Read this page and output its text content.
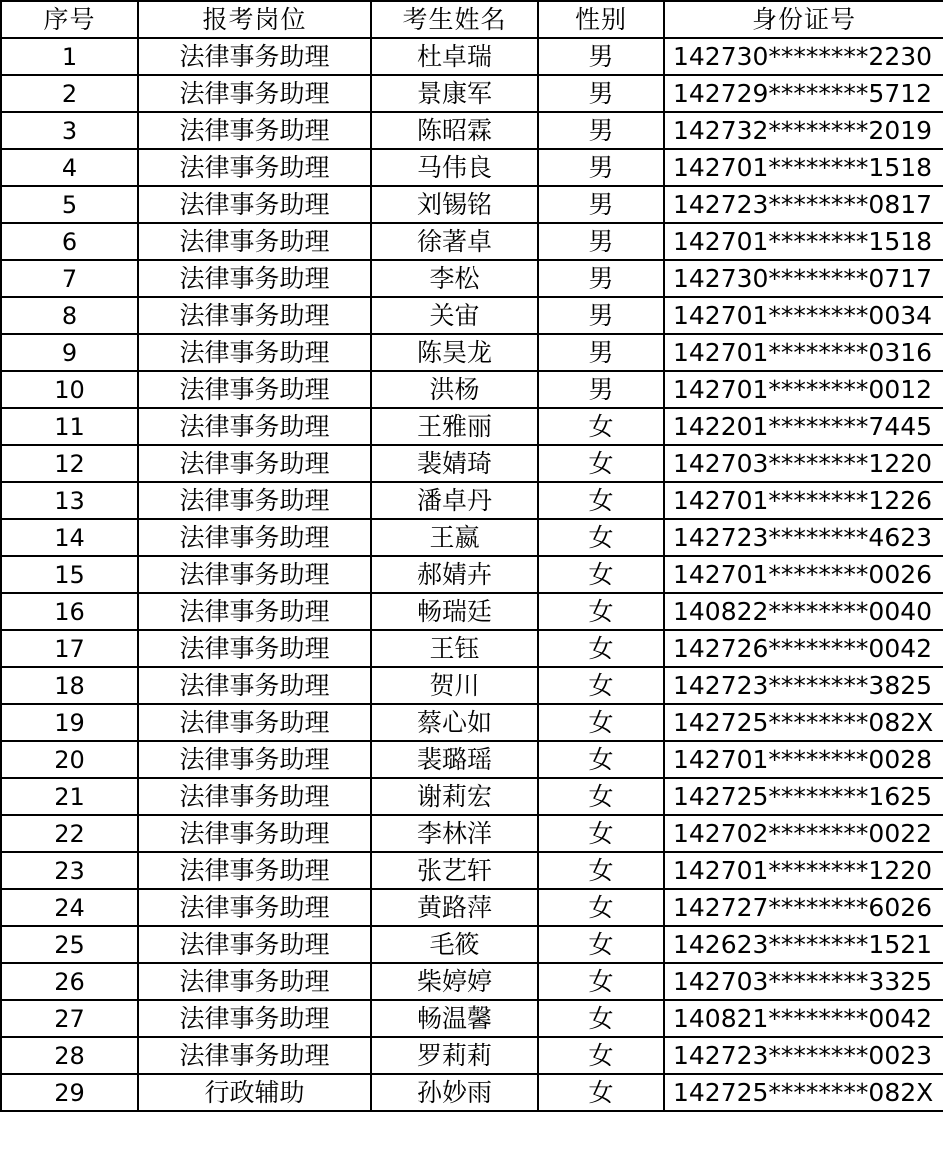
序号	报考岗位	考生姓名	性别	身份证号
1	法律事务助理	杜卓瑞	男	142730********2230
2	法律事务助理	景康军	男	142729********5712
3	法律事务助理	陈昭霖	男	142732********2019
4	法律事务助理	马伟良	男	142701********1518
5	法律事务助理	刘锡铭	男	142723********0817
6	法律事务助理	徐著卓	男	142701********1518
7	法律事务助理	李松	男	142730********0717
8	法律事务助理	关宙	男	142701********0034
9	法律事务助理	陈昊龙	男	142701********0316
10	法律事务助理	洪杨	男	142701********0012
11	法律事务助理	王雅丽	女	142201********7445
12	法律事务助理	裴婧琦	女	142703********1220
13	法律事务助理	潘卓丹	女	142701********1226
14	法律事务助理	王嬴	女	142723********4623
15	法律事务助理	郝婧卉	女	142701********0026
16	法律事务助理	畅瑞廷	女	140822********0040
17	法律事务助理	王钰	女	142726********0042
18	法律事务助理	贺川	女	142723********3825
19	法律事务助理	蔡心如	女	142725********082X
20	法律事务助理	裴璐瑶	女	142701********0028
21	法律事务助理	谢莉宏	女	142725********1625
22	法律事务助理	李林洋	女	142702********0022
23	法律事务助理	张艺轩	女	142701********1220
24	法律事务助理	黄路萍	女	142727********6026
25	法律事务助理	毛筱	女	142623********1521
26	法律事务助理	柴婷婷	女	142703********3325
27	法律事务助理	畅温馨	女	140821********0042
28	法律事务助理	罗莉莉	女	142723********0023
29	行政辅助	孙妙雨	女	142725********082X
